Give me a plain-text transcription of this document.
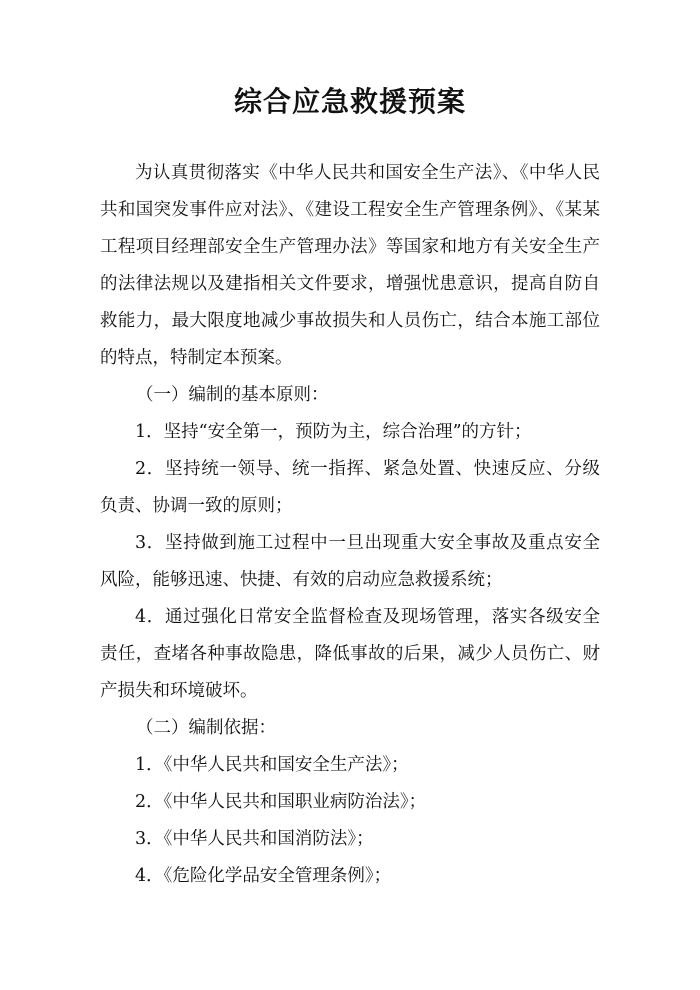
综合应急救援预案

为认真贯彻落实《中华人民共和国安全生产法》、《中华人民共和国突发事件应对法》、《建设工程安全生产管理条例》、《某某工程项目经理部安全生产管理办法》等国家和地方有关安全生产的法律法规以及建指相关文件要求，增强忧患意识，提高自防自救能力，最大限度地减少事故损失和人员伤亡，结合本施工部位的特点，特制定本预案。

（一）编制的基本原则：

1．坚持“安全第一，预防为主，综合治理”的方针；

2．坚持统一领导、统一指挥、紧急处置、快速反应、分级负责、协调一致的原则；

3．坚持做到施工过程中一旦出现重大安全事故及重点安全风险，能够迅速、快捷、有效的启动应急救援系统；

4．通过强化日常安全监督检查及现场管理，落实各级安全责任，查堵各种事故隐患，降低事故的后果，减少人员伤亡、财产损失和环境破坏。

（二）编制依据：

1．《中华人民共和国安全生产法》；

2．《中华人民共和国职业病防治法》；

3．《中华人民共和国消防法》；

4．《危险化学品安全管理条例》；
